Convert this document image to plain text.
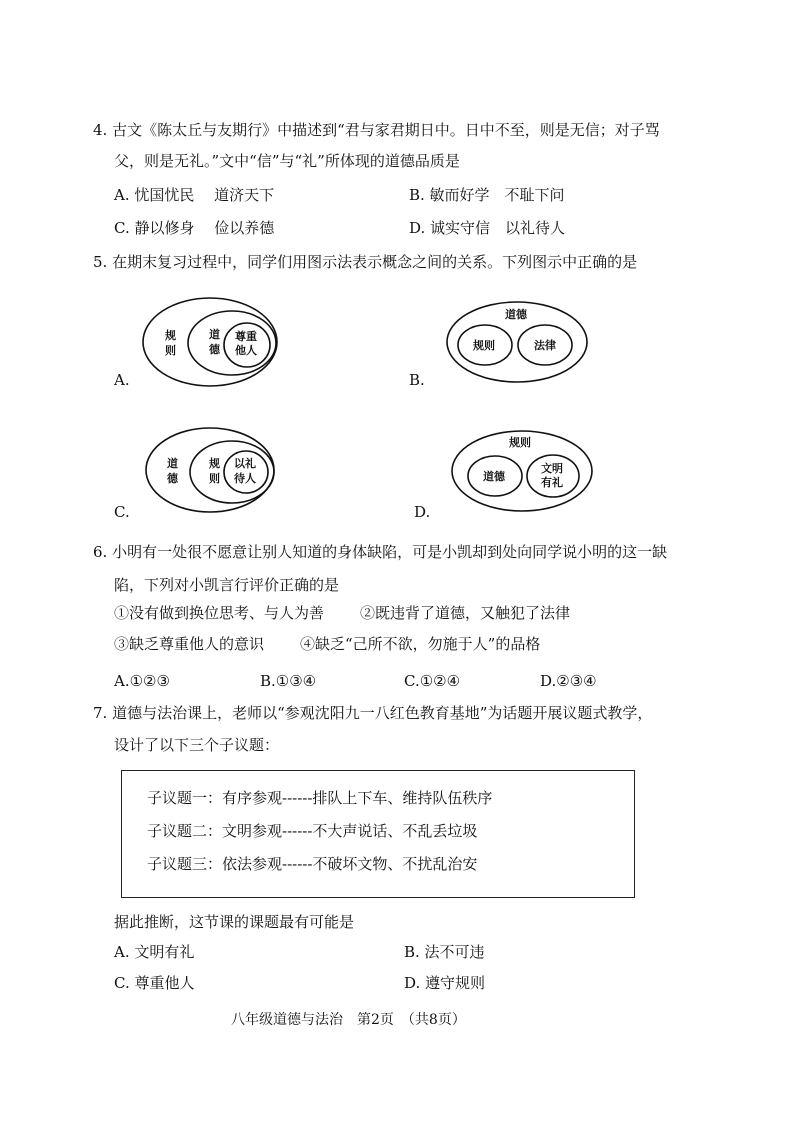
4. 古文《陈太丘与友期行》中描述到“君与家君期日中。日中不至，则是无信；对子骂
父，则是无礼。”文中“信”与“礼”所体现的道德品质是
A. 忧国忧民　 道济天下	B. 敏而好学　不耻下问
C. 静以修身　 俭以养德	D. 诚实守信　以礼待人
5. 在期末复习过程中，同学们用图示法表示概念之间的关系。下列图示中正确的是
规
则
道
德
尊重
他人
A.
道德
规则	法律
B.
道
德
规
则
以礼
待人
C.
规则
道德
文明
有礼
D.
6. 小明有一处很不愿意让别人知道的身体缺陷，可是小凯却到处向同学说小明的这一缺
陷，下列对小凯言行评价正确的是
①没有做到换位思考、与人为善 ②既违背了道德，又触犯了法律
③缺乏尊重他人的意识 ④缺乏“己所不欲，勿施于人”的品格
A.①②③	B.①③④	C.①②④	D.②③④
7. 道德与法治课上，老师以“参观沈阳九一八红色教育基地”为话题开展议题式教学，
设计了以下三个子议题：
子议题一：有序参观------排队上下车、维持队伍秩序
子议题二：文明参观------不大声说话、不乱丢垃圾
子议题三：依法参观------不破坏文物、不扰乱治安
据此推断，这节课的课题最有可能是
A. 文明有礼	B. 法不可违
C. 尊重他人	D. 遵守规则
八年级道德与法治　第2页　（共8页）
